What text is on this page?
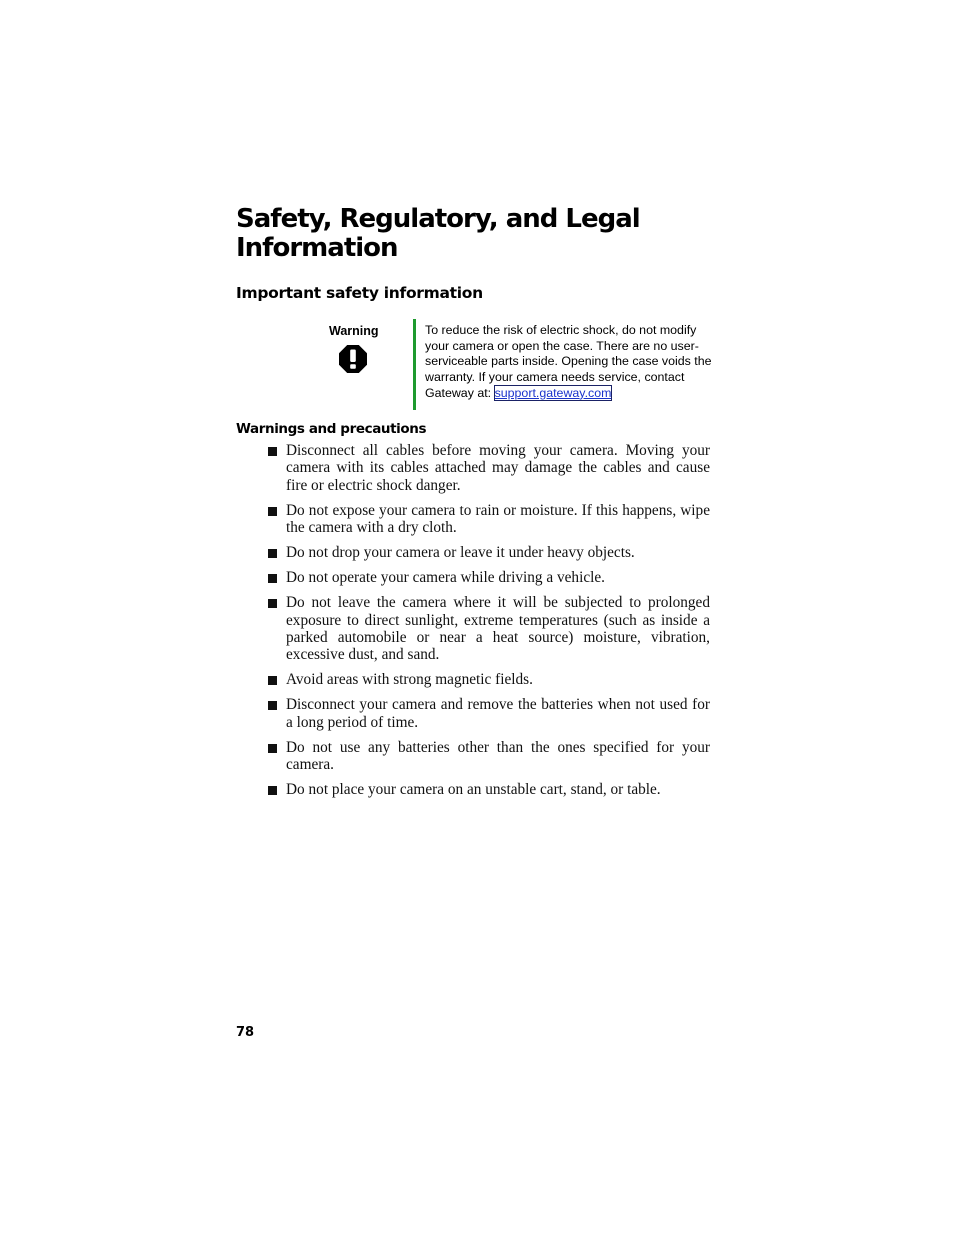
Safety, Regulatory, and Legal Information
Important safety information
Warning	To reduce the risk of electric shock, do not modify your camera or open the case. There are no user-serviceable parts inside. Opening the case voids the warranty. If your camera needs service, contact Gateway at: support.gateway.com
Warnings and precautions
Disconnect all cables before moving your camera. Moving your camera with its cables attached may damage the cables and cause fire or electric shock danger.
Do not expose your camera to rain or moisture. If this happens, wipe the camera with a dry cloth.
Do not drop your camera or leave it under heavy objects.
Do not operate your camera while driving a vehicle.
Do not leave the camera where it will be subjected to prolonged exposure to direct sunlight, extreme temperatures (such as inside a parked automobile or near a heat source) moisture, vibration, excessive dust, and sand.
Avoid areas with strong magnetic fields.
Disconnect your camera and remove the batteries when not used for a long period of time.
Do not use any batteries other than the ones specified for your camera.
Do not place your camera on an unstable cart, stand, or table.
78
